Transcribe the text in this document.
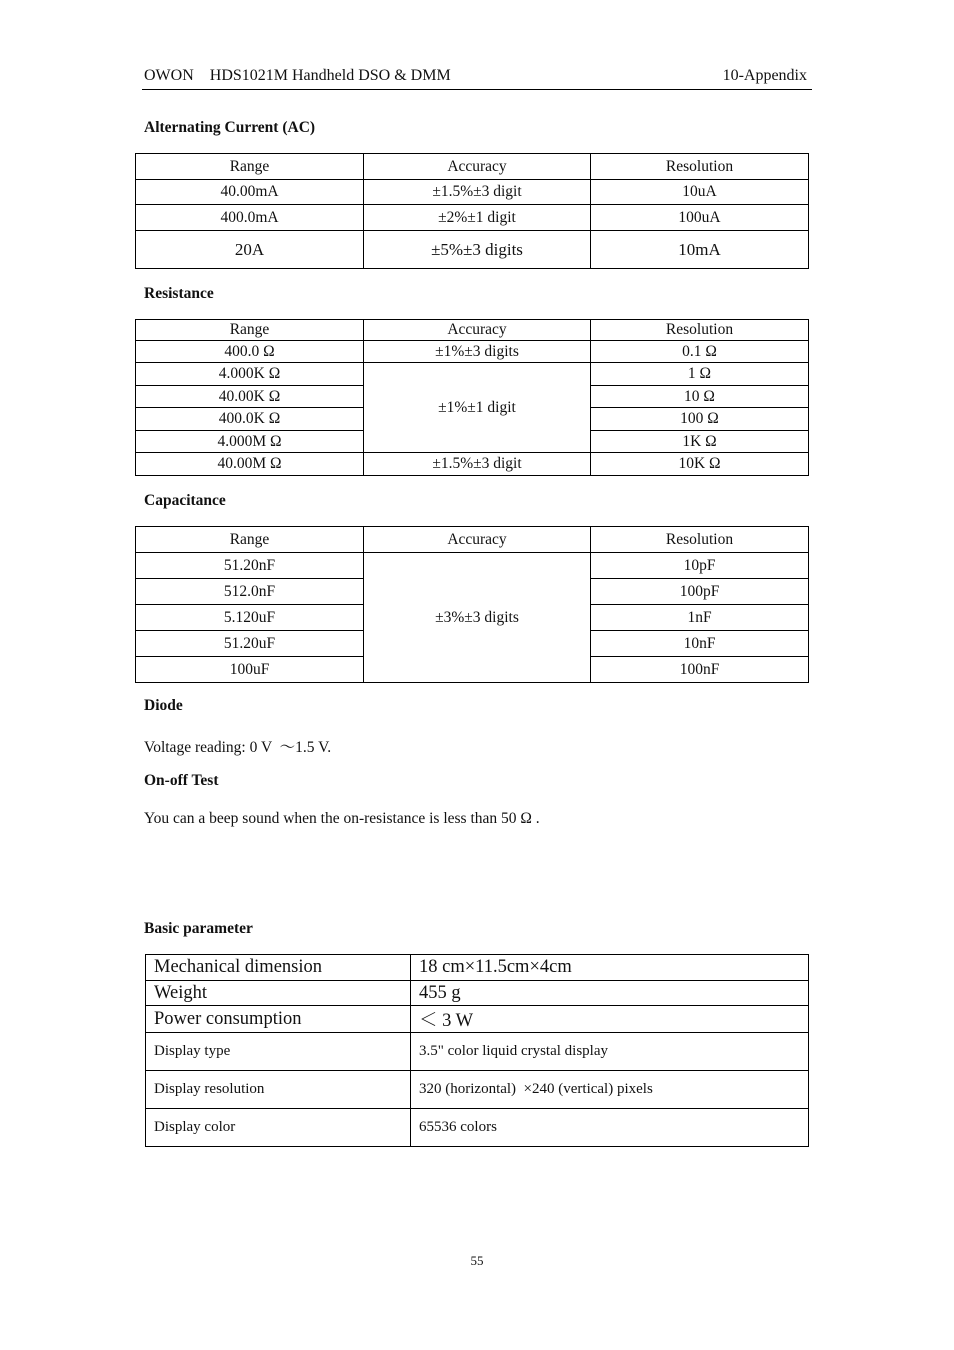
OWON    HDS1021M Handheld DSO & DMM	10-Appendix
Alternating Current (AC)
Range	Accuracy	Resolution
40.00mA	±1.5%±3 digit	10uA
400.0mA	±2%±1 digit	100uA
20A	±5%±3 digits	10mA
Resistance
Range	Accuracy	Resolution
400.0 Ω	±1%±3 digits	0.1 Ω
4.000K Ω	±1%±1 digit	1 Ω
40.00K Ω		10 Ω
400.0K Ω		100 Ω
4.000M Ω		1K Ω
40.00M Ω	±1.5%±3 digit	10K Ω
Capacitance
Range	Accuracy	Resolution
51.20nF	±3%±3 digits	10pF
512.0nF		100pF
5.120uF		1nF
51.20uF		10nF
100uF		100nF
Diode
Voltage reading: 0 V  ～1.5 V.
On-off Test
You can a beep sound when the on-resistance is less than 50 Ω .
Basic parameter
Mechanical dimension	18 cm×11.5cm×4cm
Weight	455 g
Power consumption	＜ 3 W
Display type	3.5" color liquid crystal display
Display resolution	320 (horizontal)  ×240 (vertical) pixels
Display color	65536 colors
55
